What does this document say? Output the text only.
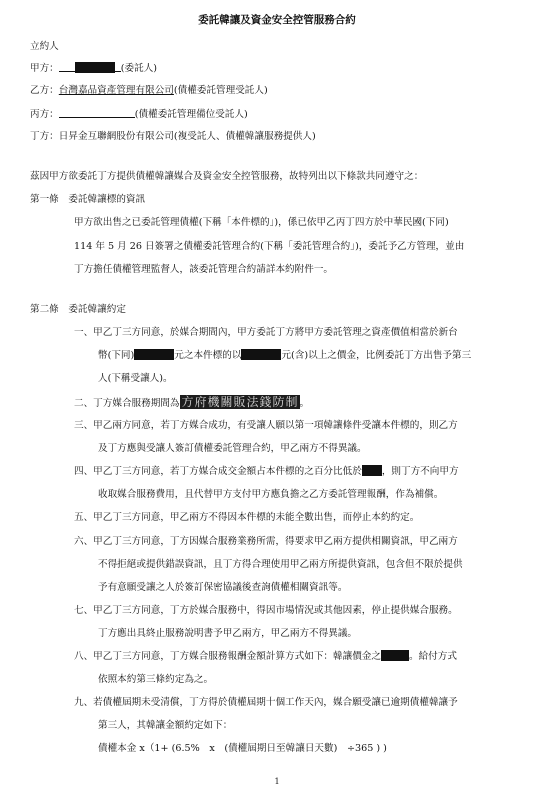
委託韓讓及資金安全控管服務合約
立約人
甲方：	(委託人)
乙方：台灣嘉品資產管理有限公司(債權委託管理受託人)
丙方：	(債權委託管理備位受託人)
丁方：日昇金互聯網股份有限公司(複受託人、債權韓讓服務提供人)
茲因甲方欲委託丁方提供債權韓讓媒合及資金安全控管服務，故特列出以下條款共同遵守之：
第一條　委託韓讓標的資訊
甲方欲出售之已委託管理債權(下稱「本件標的」)，係已依甲乙丙丁四方於中華民國(下同)
114 年 5 月 26 日簽署之債權委託管理合約(下稱「委託管理合約」)，委託予乙方管理，並由
丁方擔任債權管理監督人，該委託管理合約請詳本約附件一。
第二條　委託韓讓約定
一、甲乙丁三方同意，於媒合期間內，甲方委託丁方將甲方委託管理之資產價值相當於新台
幣(下同)	元之本件標的以	元(含)以上之價金，比例委託丁方出售予第三
人(下稱受讓人)。
二、丁方媒合服務期間為 方府機關販法錢防制。
三、甲乙兩方同意，若丁方媒合成功，有受讓人願以第一項韓讓條件受讓本件標的，則乙方
及丁方應與受讓人簽訂債權委託管理合約，甲乙兩方不得異議。
四、甲乙丁三方同意，若丁方媒合成交金額占本件標的之百分比低於 ，則丁方不向甲方
收取媒合服務費用，且代替甲方支付甲方應負擔之乙方委託管理報酬，作為補償。
五、甲乙丁三方同意，甲乙兩方不得因本件標的未能全數出售，而停止本約約定。
六、甲乙丁三方同意，丁方因媒合服務業務所需，得要求甲乙兩方提供相關資訊，甲乙兩方
不得拒絕或提供錯誤資訊，且丁方得合理使用甲乙兩方所提供資訊，包含但不限於提供
予有意願受讓之人於簽訂保密協議後查詢債權相關資訊等。
七、甲乙丁三方同意，丁方於媒合服務中，得因市場情況或其他因素，停止提供媒合服務。
丁方應出具終止服務說明書予甲乙兩方，甲乙兩方不得異議。
八、甲乙丁三方同意，丁方媒合服務報酬金額計算方式如下：韓讓價金之	。給付方式
依照本約第三條約定為之。
九、若債權屆期未受清償，丁方得於債權屆期十個工作天內，媒合願受讓已逾期債權韓讓予
第三人，其韓讓金額約定如下：
債權本金 x（1+ (6.5%　x　(債權屆期日至韓讓日天數)　÷365 ) )
1
